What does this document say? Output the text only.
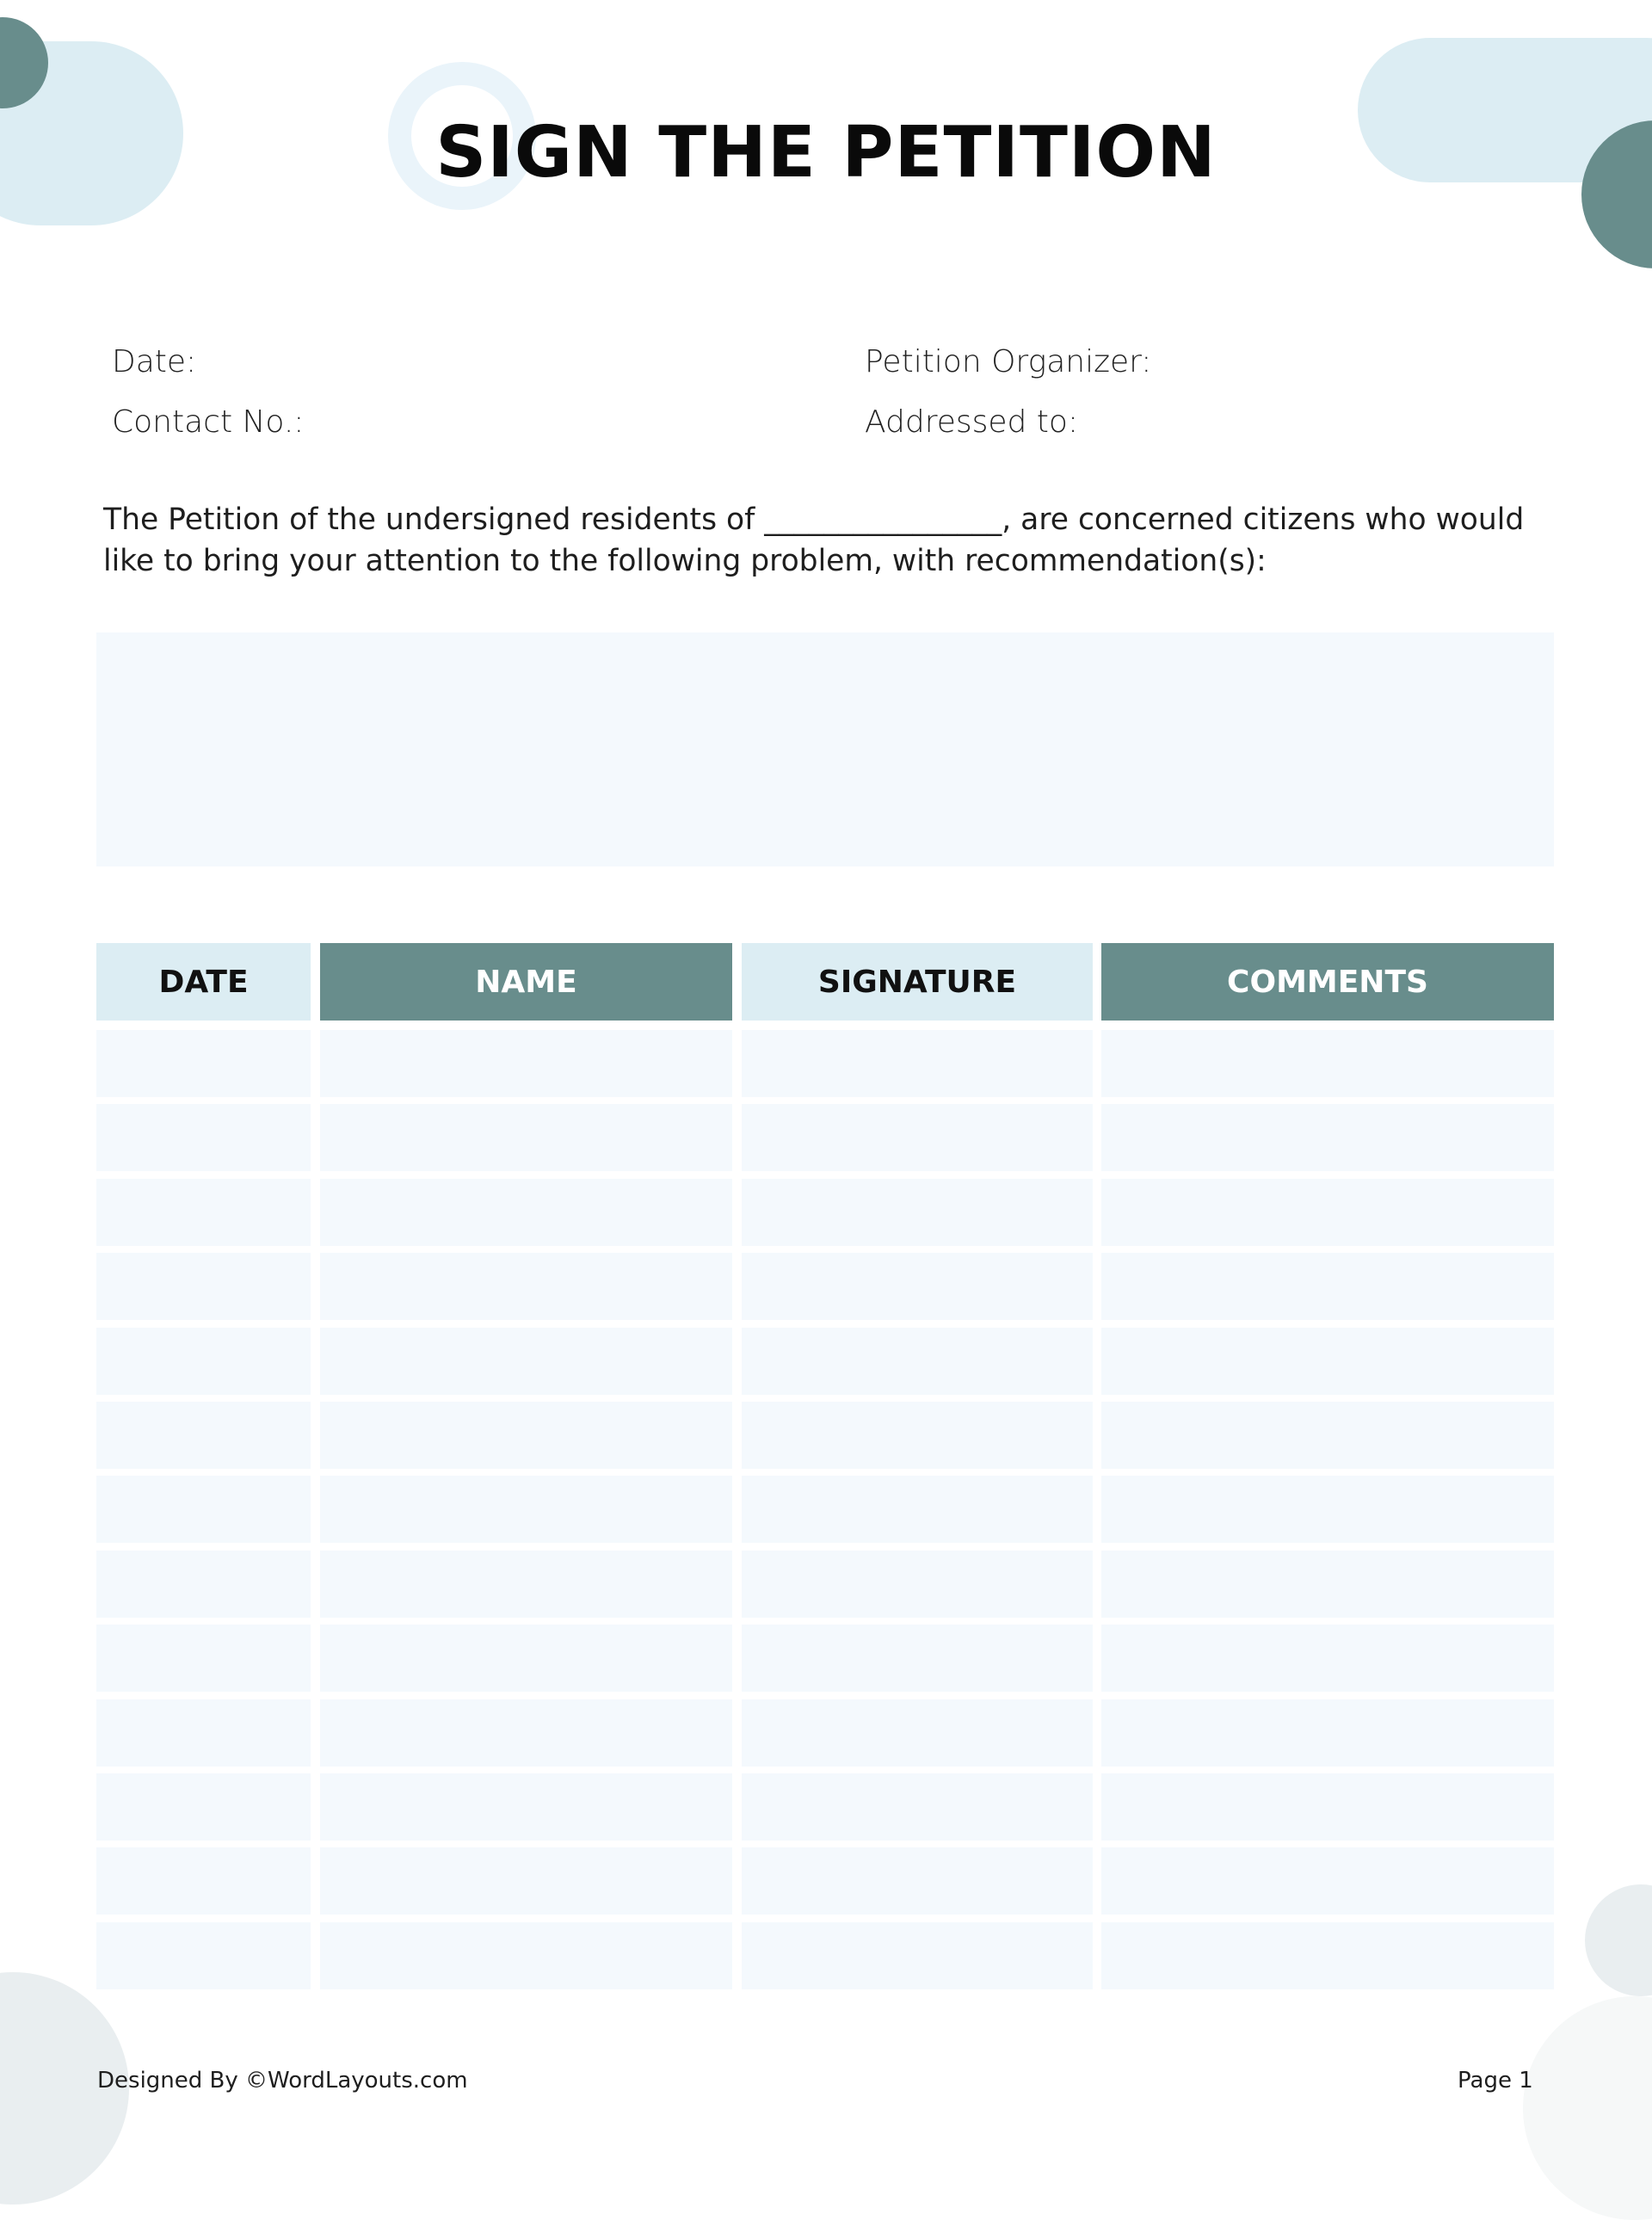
SIGN THE PETITION
Date:
Contact No.:
Petition Organizer:
Addressed to:
The Petition of the undersigned residents of ________________, are concerned citizens who would like to bring your attention to the following problem, with recommendation(s):
DATE	NAME	SIGNATURE	COMMENTS
Designed By ©WordLayouts.com	Page 1
